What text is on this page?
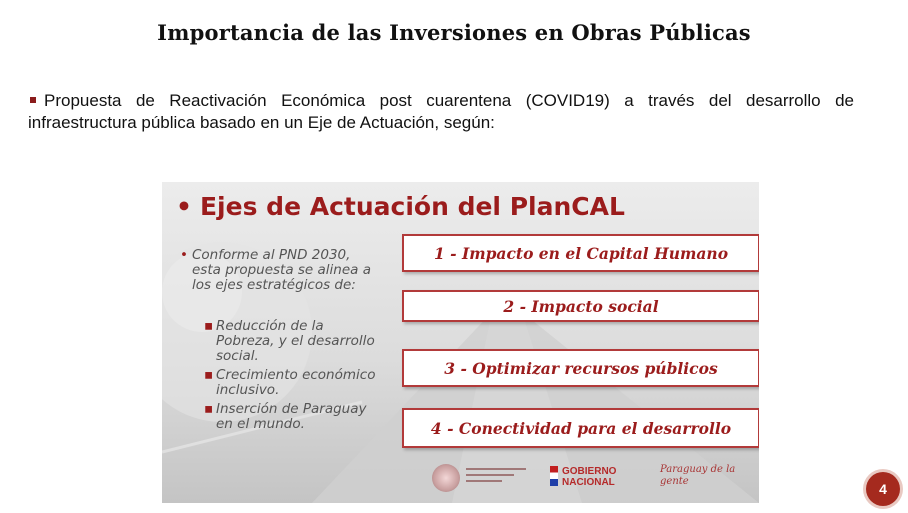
Importancia de las Inversiones en Obras Públicas
Propuesta de Reactivación Económica post cuarentena (COVID19) a través del desarrollo de infraestructura pública basado en un Eje de Actuación, según:
• Ejes de Actuación del PlanCAL
• Conforme al PND 2030, esta propuesta se alinea a los ejes estratégicos de:
▪ Reducción de la Pobreza, y el desarrollo social.
▪ Crecimiento económico inclusivo.
▪ Inserción de Paraguay en el mundo.
1 - Impacto en el Capital Humano
2 - Impacto social
3 - Optimizar recursos públicos
4 - Conectividad para el desarrollo
GOBIERNO NACIONAL
Paraguay de la gente	4
